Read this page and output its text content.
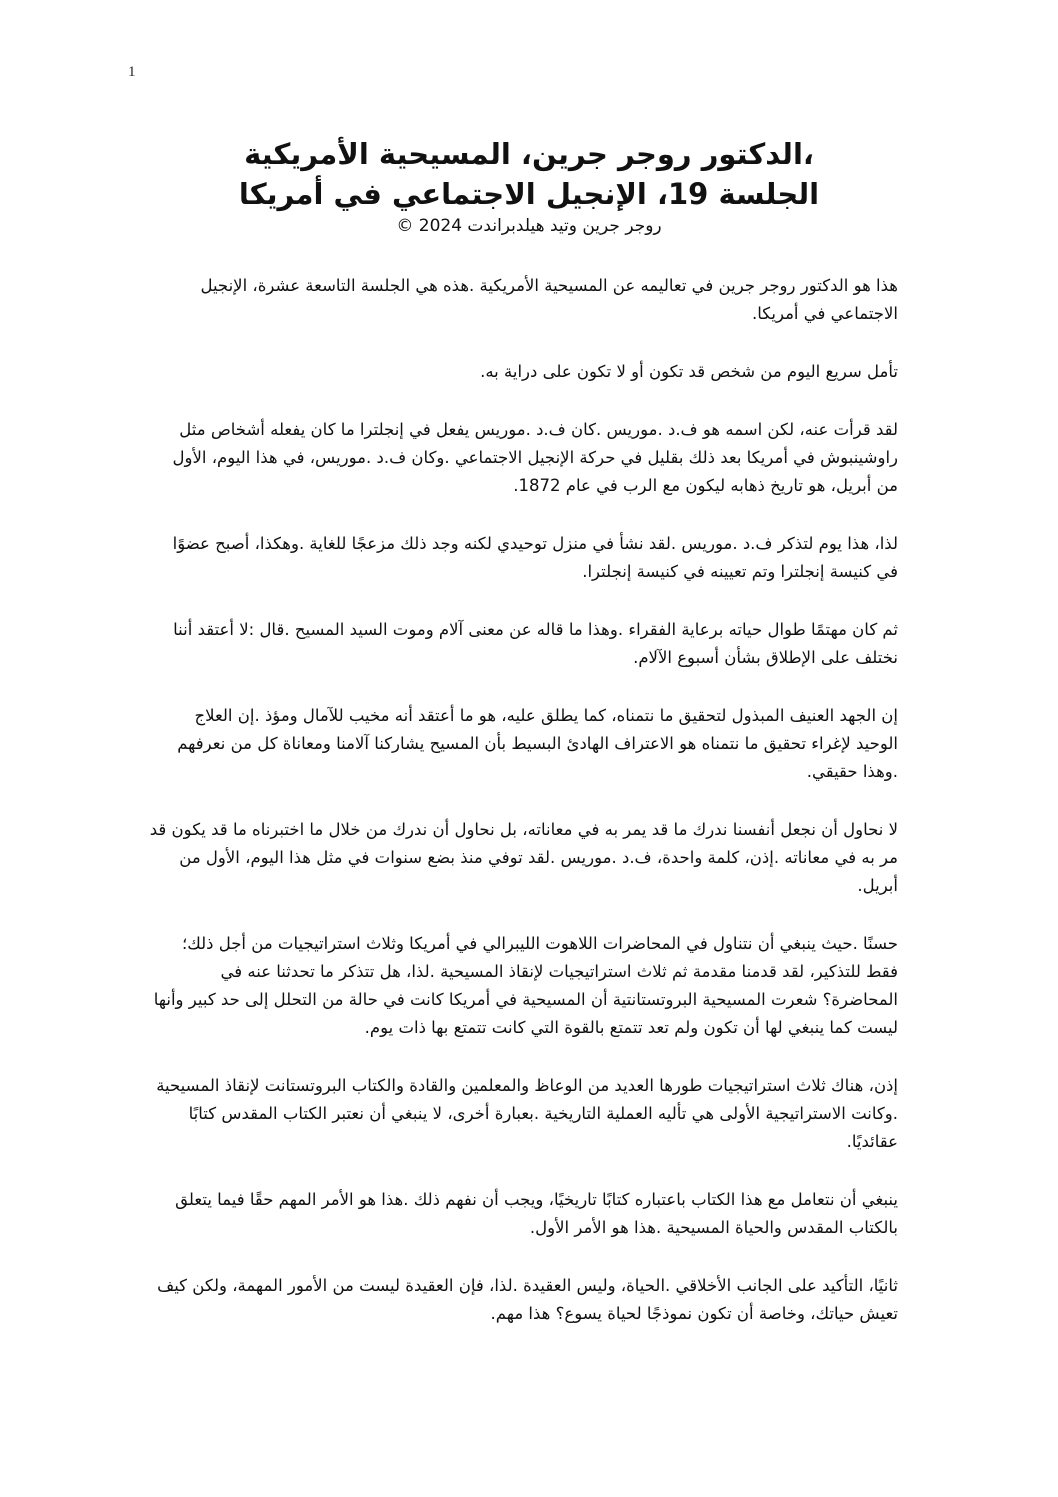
1
،الدكتور روجر جرين، المسيحية الأمريكية
الجلسة 19، الإنجيل الاجتماعي في أمريكا
روجر جرين وتيد هيلدبراندت 2024 ©

هذا هو الدكتور روجر جرين في تعاليمه عن المسيحية الأمريكية .هذه هي الجلسة التاسعة عشرة، الإنجيل الاجتماعي في أمريكا.

تأمل سريع اليوم من شخص قد تكون أو لا تكون على دراية به.

لقد قرأت عنه، لكن اسمه هو ف.د .موريس .كان ف.د .موريس يفعل في إنجلترا ما كان يفعله أشخاص مثل راوشينبوش في أمريكا بعد ذلك بقليل في حركة الإنجيل الاجتماعي .وكان ف.د .موريس، في هذا اليوم، الأول من أبريل، هو تاريخ ذهابه ليكون مع الرب في عام 1872.

لذا، هذا يوم لتذكر ف.د .موريس .لقد نشأ في منزل توحيدي لكنه وجد ذلك مزعجًا للغاية .وهكذا، أصبح عضوًا في كنيسة إنجلترا وتم تعيينه في كنيسة إنجلترا.

ثم كان مهتمًا طوال حياته برعاية الفقراء .وهذا ما قاله عن معنى آلام وموت السيد المسيح .قال :لا أعتقد أننا نختلف على الإطلاق بشأن أسبوع الآلام.

إن الجهد العنيف المبذول لتحقيق ما نتمناه، كما يطلق عليه، هو ما أعتقد أنه مخيب للآمال ومؤذ .إن العلاج الوحيد لإغراء تحقيق ما نتمناه هو الاعتراف الهادئ البسيط بأن المسيح يشاركنا آلامنا ومعاناة كل من نعرفهم .وهذا حقيقي.

لا نحاول أن نجعل أنفسنا ندرك ما قد يمر به في معاناته، بل نحاول أن ندرك من خلال ما اختبرناه ما قد يكون قد مر به في معاناته .إذن، كلمة واحدة، ف.د .موريس .لقد توفي منذ بضع سنوات في مثل هذا اليوم، الأول من أبريل.

حسنًا .حيث ينبغي أن نتناول في المحاضرات اللاهوت الليبرالي في أمريكا وثلاث استراتيجيات من أجل ذلك؛ فقط للتذكير، لقد قدمنا مقدمة ثم ثلاث استراتيجيات لإنقاذ المسيحية .لذا، هل تتذكر ما تحدثنا عنه في المحاضرة؟ شعرت المسيحية البروتستانتية أن المسيحية في أمريكا كانت في حالة من التحلل إلى حد كبير وأنها ليست كما ينبغي لها أن تكون ولم تعد تتمتع بالقوة التي كانت تتمتع بها ذات يوم.

إذن، هناك ثلاث استراتيجيات طورها العديد من الوعاظ والمعلمين والقادة والكتاب البروتستانت لإنقاذ المسيحية .وكانت الاستراتيجية الأولى هي تأليه العملية التاريخية .بعبارة أخرى، لا ينبغي أن نعتبر الكتاب المقدس كتابًا عقائديًا.

ينبغي أن نتعامل مع هذا الكتاب باعتباره كتابًا تاريخيًا، ويجب أن نفهم ذلك .هذا هو الأمر المهم حقًا فيما يتعلق بالكتاب المقدس والحياة المسيحية .هذا هو الأمر الأول.

ثانيًا، التأكيد على الجانب الأخلاقي .الحياة، وليس العقيدة .لذا، فإن العقيدة ليست من الأمور المهمة، ولكن كيف تعيش حياتك، وخاصة أن تكون نموذجًا لحياة يسوع؟ هذا مهم.
